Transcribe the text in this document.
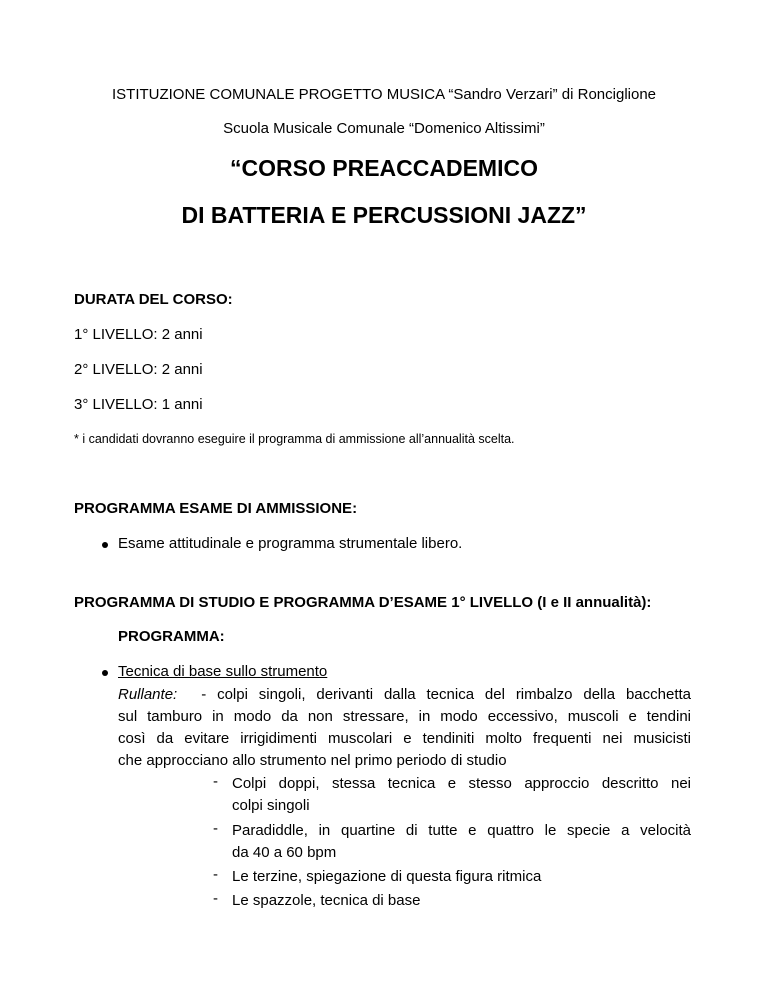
ISTITUZIONE COMUNALE PROGETTO MUSICA “Sandro Verzari” di Ronciglione
Scuola Musicale Comunale “Domenico Altissimi”
“CORSO PREACCADEMICO
DI BATTERIA E PERCUSSIONI JAZZ”
DURATA DEL CORSO:
1° LIVELLO: 2 anni
2° LIVELLO: 2 anni
3° LIVELLO: 1 anni
* i candidati dovranno eseguire il programma di ammissione all’annualità scelta.
PROGRAMMA ESAME DI AMMISSIONE:
Esame attitudinale e programma strumentale libero.
PROGRAMMA DI STUDIO E PROGRAMMA D’ESAME 1° LIVELLO (I e II annualità):
PROGRAMMA:
Tecnica di base sullo strumento
Rullante: - colpi singoli, derivanti dalla tecnica del rimbalzo della bacchetta
sul tamburo in modo da non stressare, in modo eccessivo, muscoli e tendini
così da evitare irrigidimenti muscolari e tendiniti molto frequenti nei musicisti
che approcciano allo strumento nel primo periodo di studio
- Colpi doppi, stessa tecnica e stesso approccio descritto nei
colpi singoli
- Paradiddle, in quartine di tutte e quattro le specie a velocità
da 40 a 60 bpm
- Le terzine, spiegazione di questa figura ritmica
- Le spazzole, tecnica di base
